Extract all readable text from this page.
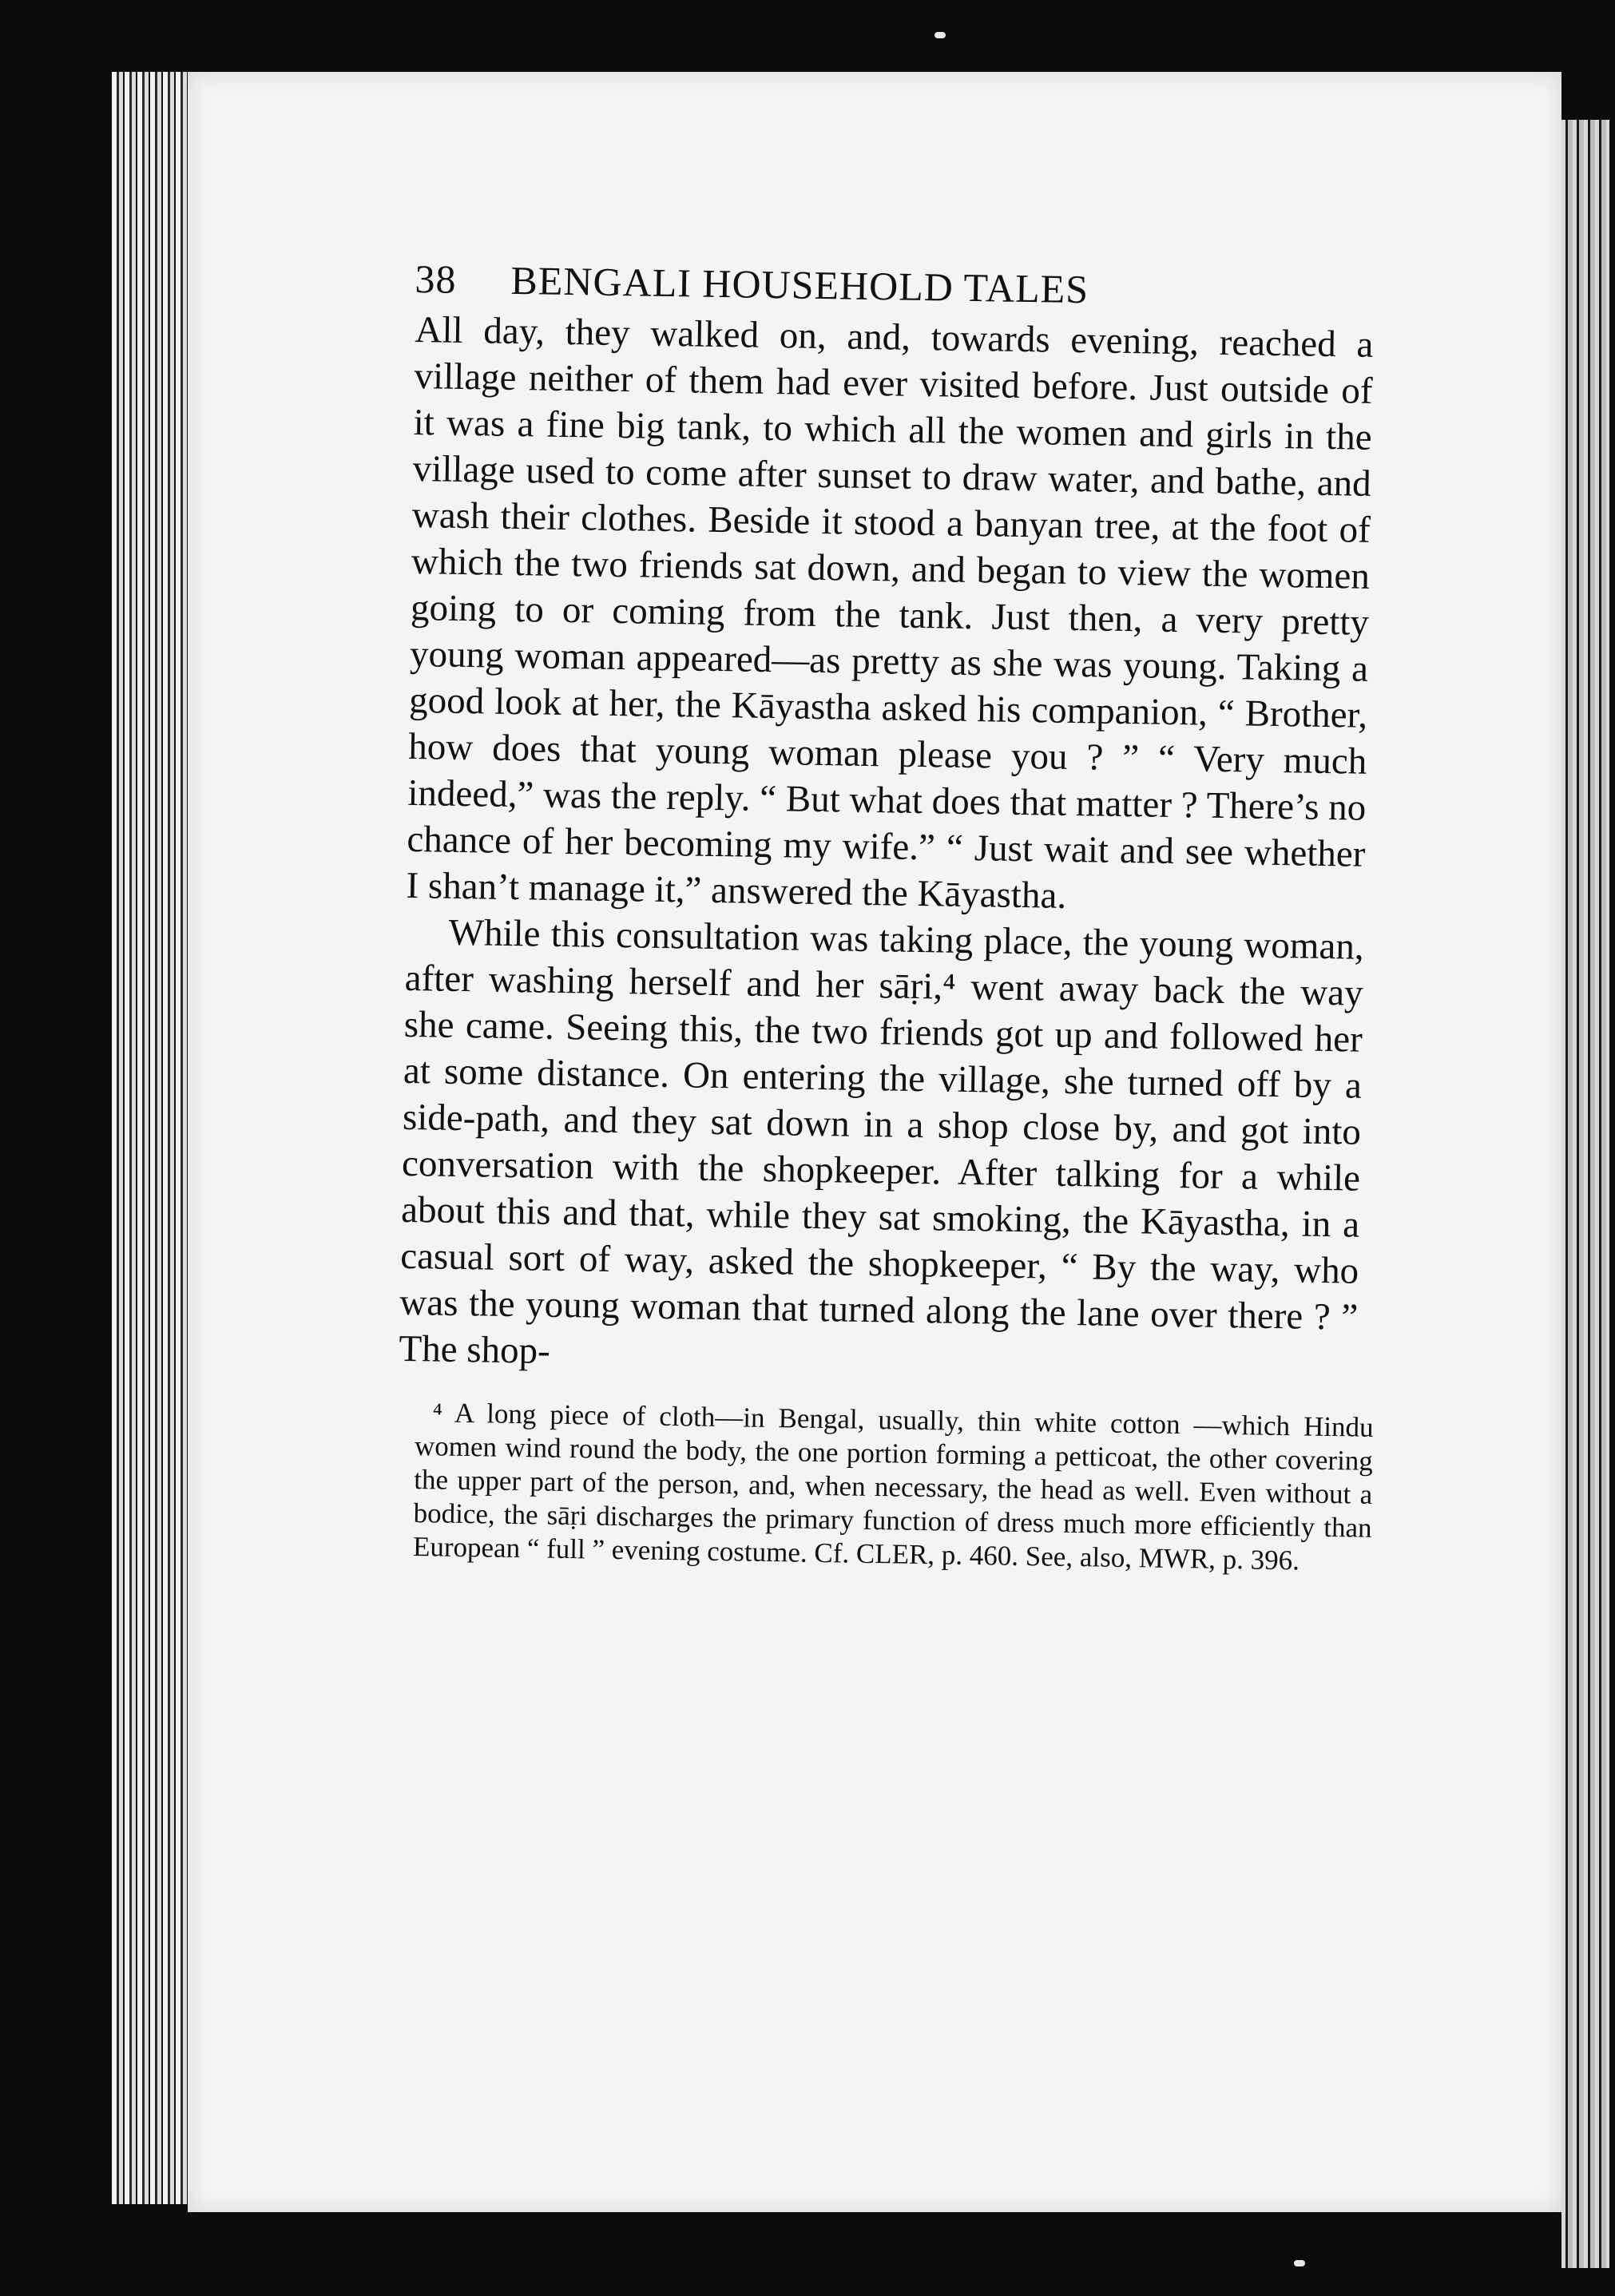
38	BENGALI HOUSEHOLD TALES

All day, they walked on, and, towards evening, reached a village neither of them had ever visited before. Just outside of it was a fine big tank, to which all the women and girls in the village used to come after sunset to draw water, and bathe, and wash their clothes. Beside it stood a banyan tree, at the foot of which the two friends sat down, and began to view the women going to or coming from the tank. Just then, a very pretty young woman appeared—as pretty as she was young. Taking a good look at her, the Kāyastha asked his companion, “ Brother, how does that young woman please you ? ” “ Very much indeed,” was the reply. “ But what does that matter ? There’s no chance of her becoming my wife.” “ Just wait and see whether I shan’t manage it,” answered the Kāyastha.

While this consultation was taking place, the young woman, after washing herself and her sāṛi,⁴ went away back the way she came. Seeing this, the two friends got up and followed her at some distance. On entering the village, she turned off by a side-path, and they sat down in a shop close by, and got into conversation with the shopkeeper. After talking for a while about this and that, while they sat smoking, the Kāyastha, in a casual sort of way, asked the shopkeeper, “ By the way, who was the young woman that turned along the lane over there ? ” The shop-

⁴ A long piece of cloth—in Bengal, usually, thin white cotton —which Hindu women wind round the body, the one portion forming a petticoat, the other covering the upper part of the person, and, when necessary, the head as well. Even without a bodice, the sāṛi discharges the primary function of dress much more efficiently than European “ full ” evening costume. Cf. CLER, p. 460. See, also, MWR, p. 396.
